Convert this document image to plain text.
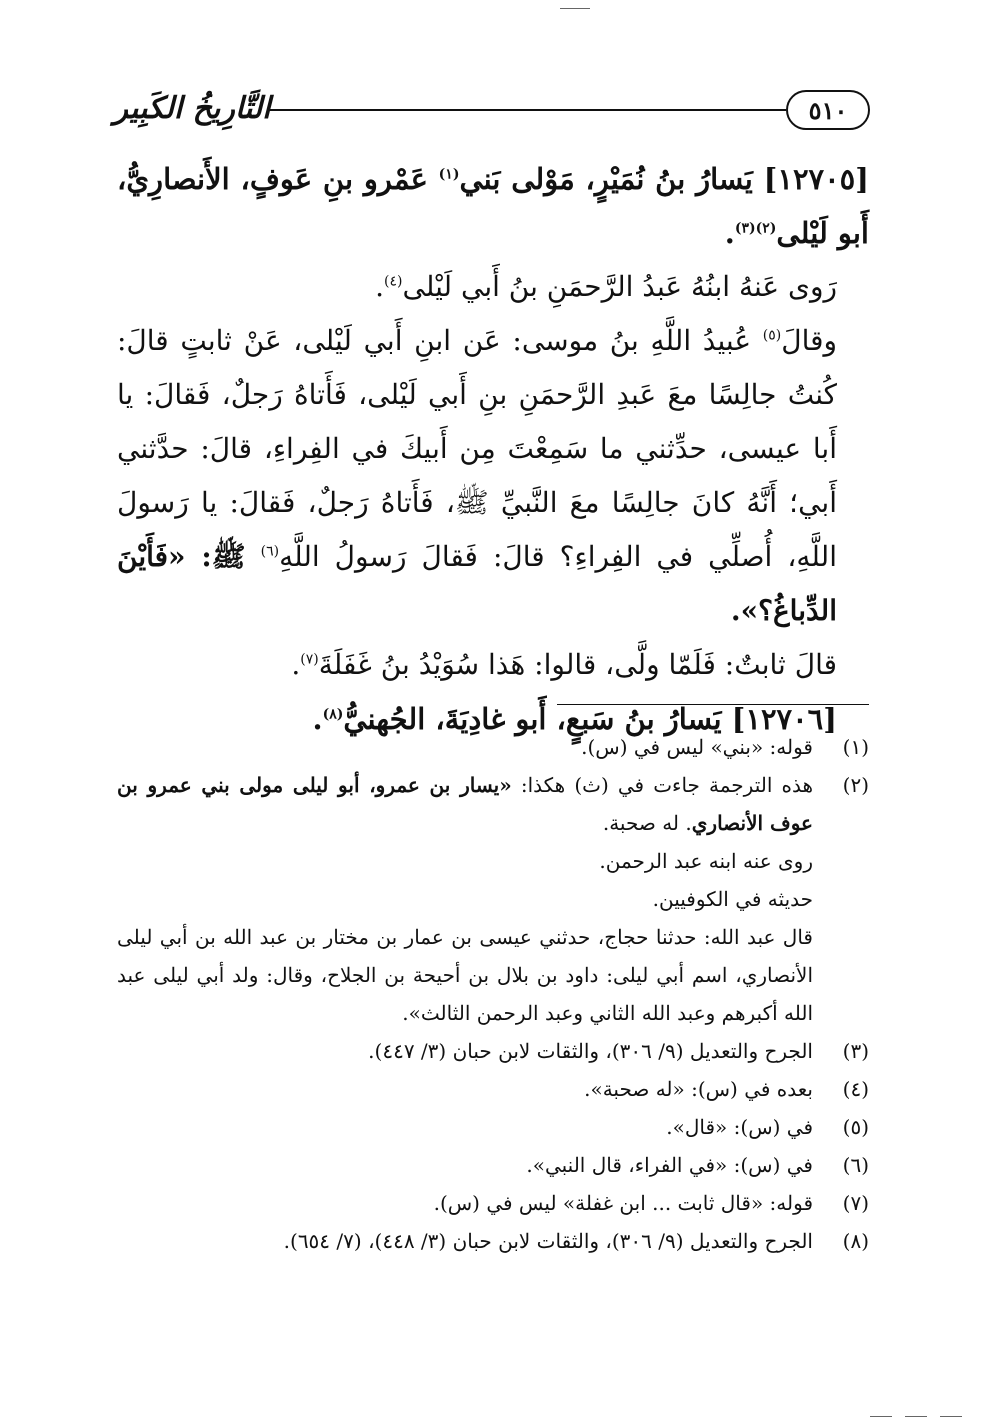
٥١٠
التَّارِيخُ الكَبِير

[١٢٧٠٥] يَسارُ بنُ نُمَيْرٍ، مَوْلى بَني$^{(١)}$ عَمْرو بنِ عَوفٍ، الأَنصارِيُّ، أَبو لَيْلى$^{(٢)(٣)}$.

رَوى عَنهُ ابنُهُ عَبدُ الرَّحمَنِ بنُ أَبي لَيْلى$^{(٤)}$.

وقالَ$^{(٥)}$ عُبيدُ اللَّهِ بنُ موسى: عَن ابنِ أَبي لَيْلى، عَنْ ثابتٍ قالَ: كُنتُ جالِسًا معَ عَبدِ الرَّحمَنِ بنِ أَبي لَيْلى، فَأَتاهُ رَجلٌ، فَقالَ: يا أَبا عيسى، حدِّثني ما سَمِعْتَ مِن أَبيكَ في الفِراءِ، قالَ: حدَّثني أَبي؛ أَنَّهُ كانَ جالِسًا معَ النَّبيِّ ﷺ، فَأَتاهُ رَجلٌ، فَقالَ: يا رَسولَ اللَّهِ، أُصلِّي في الفِراءِ؟ قالَ: فَقالَ رَسولُ اللَّهِ$^{(٦)}$ ﷺ: «فَأَيْنَ الدِّباغُ؟».

قالَ ثابتٌ: فَلَمّا ولَّى، قالوا: هَذا سُوَيْدُ بنُ غَفَلَةَ$^{(٧)}$.

[١٢٧٠٦] يَسارُ بنُ سَبعٍ، أَبو غادِيَةَ، الجُهنيُّ$^{(٨)}$.

(١)
قوله: «بني» ليس في (س).

(٢)
هذه الترجمة جاءت في (ث) هكذا: «يسار بن عمرو، أبو ليلى مولى بني عمرو بن عوف الأنصاري. له صحبة.

روى عنه ابنه عبد الرحمن.

حديثه في الكوفيين.

قال عبد الله: حدثنا حجاج، حدثني عيسى بن عمار بن مختار بن عبد الله بن أبي ليلى الأنصاري، اسم أبي ليلى: داود بن بلال بن أحيحة بن الجلاح، وقال: ولد أبي ليلى عبد الله أكبرهم وعبد الله الثاني وعبد الرحمن الثالث».

(٣)
الجرح والتعديل (٩/ ٣٠٦)، والثقات لابن حبان (٣/ ٤٤٧).

(٤)
بعده في (س): «له صحبة».

(٥)
في (س): «قال».

(٦)
في (س): «في الفراء، قال النبي».

(٧)
قوله: «قال ثابت ... ابن غفلة» ليس في (س).

(٨)
الجرح والتعديل (٩/ ٣٠٦)، والثقات لابن حبان (٣/ ٤٤٨)، (٧/ ٦٥٤).
